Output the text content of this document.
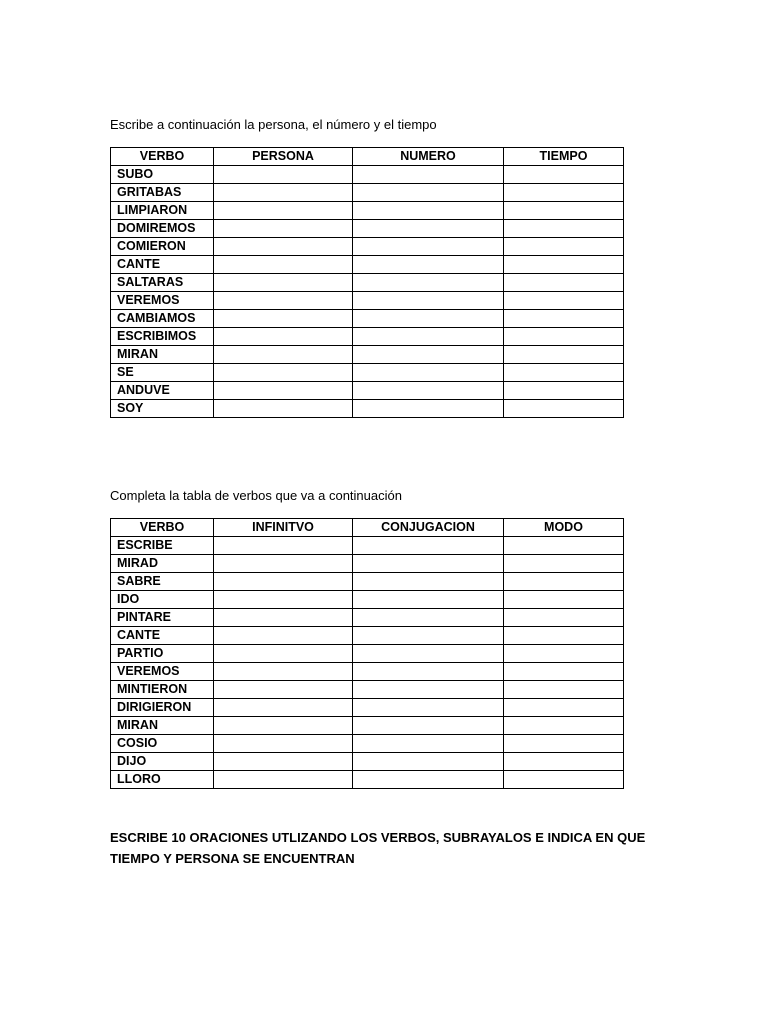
Escribe a continuación la persona, el número y el tiempo
VERBO	PERSONA	NUMERO	TIEMPO
SUBO			
GRITABAS			
LIMPIARON			
DOMIREMOS			
COMIERON			
CANTE			
SALTARAS			
VEREMOS			
CAMBIAMOS			
ESCRIBIMOS			
MIRAN			
SE			
ANDUVE			
SOY			
Completa la tabla de verbos que va a continuación
VERBO	INFINITVO	CONJUGACION	MODO
ESCRIBE			
MIRAD			
SABRE			
IDO			
PINTARE			
CANTE			
PARTIO			
VEREMOS			
MINTIERON			
DIRIGIERON			
MIRAN			
COSIO			
DIJO			
LLORO			
ESCRIBE 10 ORACIONES UTLIZANDO LOS VERBOS, SUBRAYALOS E INDICA EN QUE TIEMPO Y PERSONA SE ENCUENTRAN
